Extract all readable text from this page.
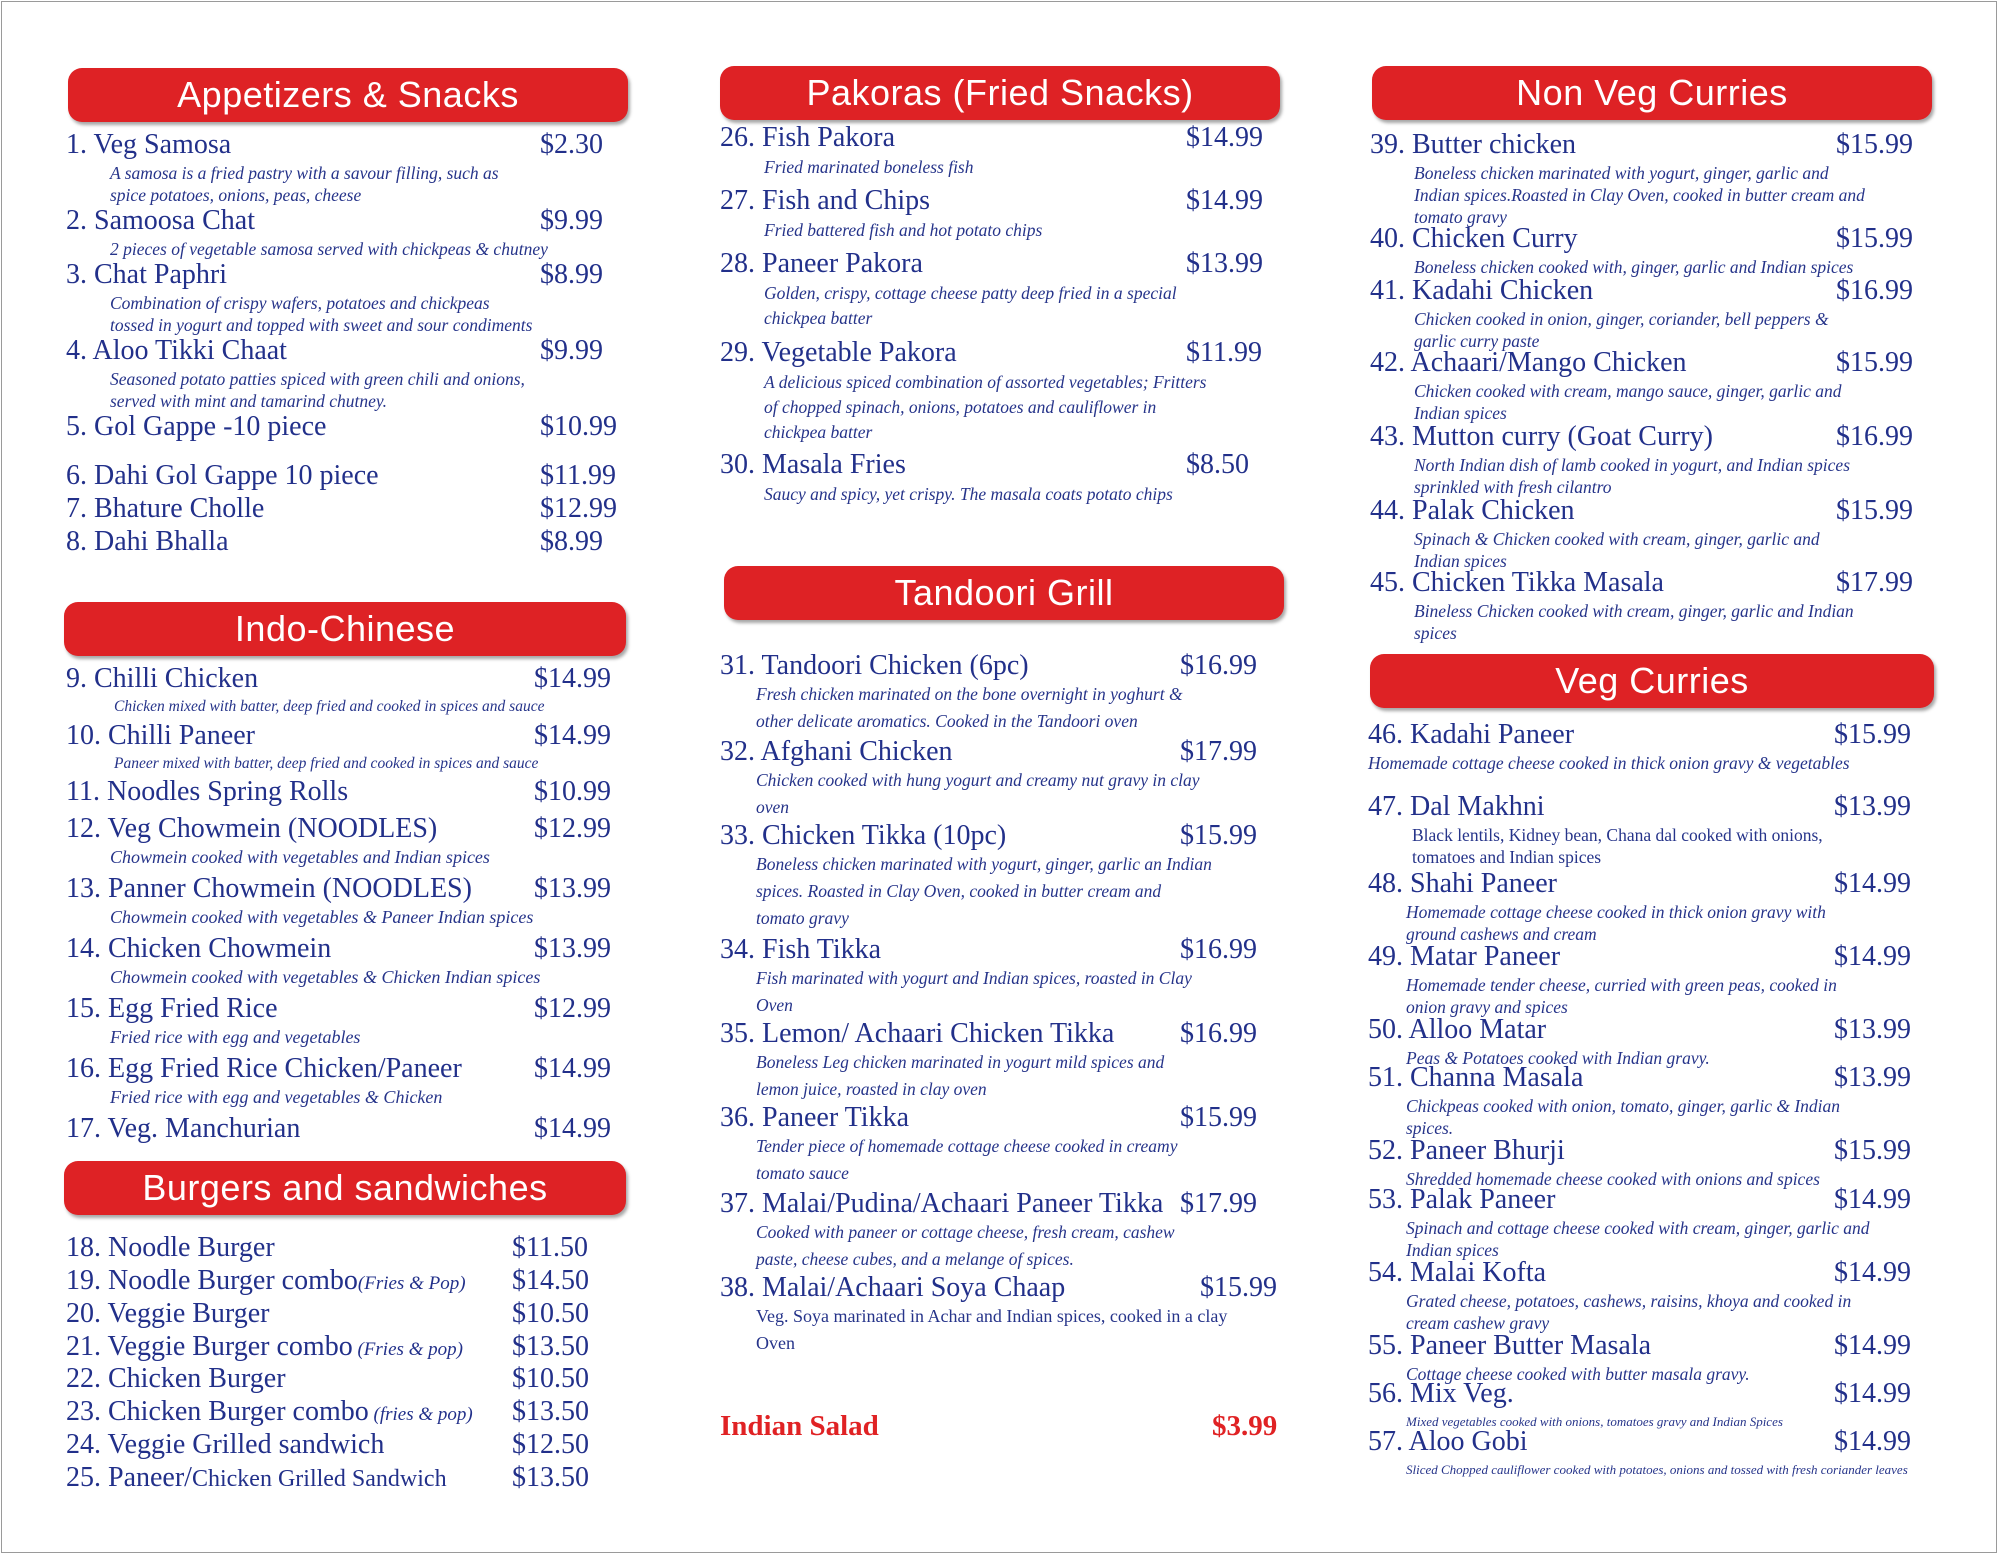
Appetizers & Snacks
1. Veg Samosa	$2.30
A samosa is a fried pastry with a savour filling, such as
spice potatoes, onions, peas, cheese
2. Samoosa Chat	$9.99
2 pieces of vegetable samosa served with chickpeas & chutney
3. Chat Paphri	$8.99
Combination of crispy wafers, potatoes and chickpeas
tossed in yogurt and topped with sweet and sour condiments
4. Aloo Tikki Chaat	$9.99
Seasoned potato patties spiced with green chili and onions,
served with mint and tamarind chutney.
5. Gol Gappe -10 piece	$10.99
6. Dahi Gol Gappe 10 piece	$11.99
7. Bhature Cholle	$12.99
8. Dahi Bhalla	$8.99
Indo-Chinese
9. Chilli Chicken	$14.99
Chicken mixed with batter, deep fried and cooked in spices and sauce
10. Chilli Paneer	$14.99
Paneer mixed with batter, deep fried and cooked in spices and sauce
11. Noodles Spring Rolls	$10.99
12. Veg Chowmein (NOODLES)	$12.99
Chowmein cooked with vegetables and Indian spices
13. Panner Chowmein (NOODLES) $13.99
Chowmein cooked with vegetables & Paneer Indian spices
14. Chicken Chowmein	$13.99
Chowmein cooked with vegetables & Chicken Indian spices
15. Egg Fried Rice	$12.99
Fried rice with egg and vegetables
16. Egg Fried Rice Chicken/Paneer	$14.99
Fried rice with egg and vegetables & Chicken
17. Veg. Manchurian	$14.99
Burgers and sandwiches
18. Noodle Burger	$11.50
19. Noodle Burger combo(Fries & Pop) $14.50
20. Veggie Burger	$10.50
21. Veggie Burger combo (Fries & pop) $13.50
22. Chicken Burger	$10.50
23. Chicken Burger combo (fries & pop) $13.50
24. Veggie Grilled sandwich	$12.50
25. Paneer/Chicken Grilled Sandwich $13.50
Pakoras (Fried Snacks)
26. Fish Pakora	$14.99
Fried marinated boneless fish
27. Fish and Chips	$14.99
Fried battered fish and hot potato chips
28. Paneer Pakora	$13.99
Golden, crispy, cottage cheese patty deep fried in a special
chickpea batter
29. Vegetable Pakora	$11.99
A delicious spiced combination of assorted vegetables; Fritters
of chopped spinach, onions, potatoes and cauliflower in
chickpea batter
30. Masala Fries	$8.50
Saucy and spicy, yet crispy. The masala coats potato chips
Tandoori Grill
31. Tandoori Chicken (6pc)	$16.99
Fresh chicken marinated on the bone overnight in yoghurt &
other delicate aromatics. Cooked in the Tandoori oven
32. Afghani Chicken	$17.99
Chicken cooked with hung yogurt and creamy nut gravy in clay
oven
33. Chicken Tikka (10pc)	$15.99
Boneless chicken marinated with yogurt, ginger, garlic an Indian
spices. Roasted in Clay Oven, cooked in butter cream and
tomato gravy
34. Fish Tikka	$16.99
Fish marinated with yogurt and Indian spices, roasted in Clay
Oven
35. Lemon/ Achaari Chicken Tikka $16.99
Boneless Leg chicken marinated in yogurt mild spices and
lemon juice, roasted in clay oven
36. Paneer Tikka	$15.99
Tender piece of homemade cottage cheese cooked in creamy
tomato sauce
37. Malai/Pudina/Achaari Paneer Tikka $17.99
Cooked with paneer or cottage cheese, fresh cream, cashew
paste, cheese cubes, and a melange of spices.
38. Malai/Achaari Soya Chaap	$15.99
Veg. Soya marinated in Achar and Indian spices, cooked in a clay
Oven
Indian Salad	$3.99
Non Veg Curries
39. Butter chicken	$15.99
Boneless chicken marinated with yogurt, ginger, garlic and
Indian spices.Roasted in Clay Oven, cooked in butter cream and
tomato gravy
40. Chicken Curry	$15.99
Boneless chicken cooked with, ginger, garlic and Indian spices
41. Kadahi Chicken	$16.99
Chicken cooked in onion, ginger, coriander, bell peppers &
garlic curry paste
42. Achaari/Mango Chicken	$15.99
Chicken cooked with cream, mango sauce, ginger, garlic and
Indian spices
43. Mutton curry (Goat Curry)	$16.99
North Indian dish of lamb cooked in yogurt, and Indian spices
sprinkled with fresh cilantro
44. Palak Chicken	$15.99
Spinach & Chicken cooked with cream, ginger, garlic and
Indian spices
45. Chicken Tikka Masala	$17.99
Bineless Chicken cooked with cream, ginger, garlic and Indian
spices
Veg Curries
46. Kadahi Paneer	$15.99
Homemade cottage cheese cooked in thick onion gravy & vegetables
47. Dal Makhni	$13.99
Black lentils, Kidney bean, Chana dal cooked with onions,
tomatoes and Indian spices
48. Shahi Paneer	$14.99
Homemade cottage cheese cooked in thick onion gravy with
ground cashews and cream
49. Matar Paneer	$14.99
Homemade tender cheese, curried with green peas, cooked in
onion gravy and spices
50. Alloo Matar	$13.99
Peas & Potatoes cooked with Indian gravy.
51. Channa Masala	$13.99
Chickpeas cooked with onion, tomato, ginger, garlic & Indian
spices.
52. Paneer Bhurji	$15.99
Shredded homemade cheese cooked with onions and spices
53. Palak Paneer	$14.99
Spinach and cottage cheese cooked with cream, ginger, garlic and
Indian spices
54. Malai Kofta	$14.99
Grated cheese, potatoes, cashews, raisins, khoya and cooked in
cream cashew gravy
55. Paneer Butter Masala	$14.99
Cottage cheese cooked with butter masala gravy.
56. Mix Veg.	$14.99
Mixed vegetables cooked with onions, tomatoes gravy and Indian Spices
57. Aloo Gobi	$14.99
Sliced Chopped cauliflower cooked with potatoes, onions and tossed with fresh coriander leaves
